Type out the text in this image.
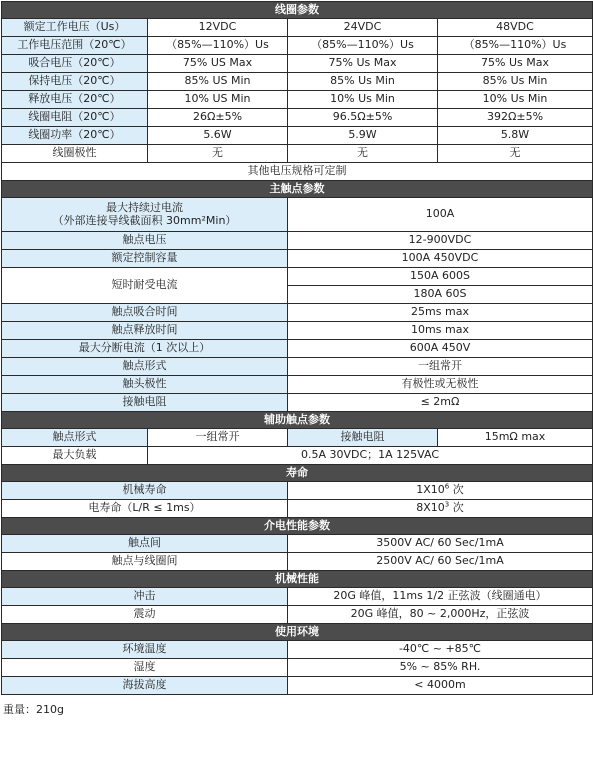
线圈参数			
额定工作电压（Us）	12VDC	24VDC	48VDC
工作电压范围（20℃）	（85%—110%）Us	（85%—110%）Us	（85%—110%）Us
吸合电压（20℃）	75% US Max	75% Us Max	75% Us Max
保持电压（20℃）	85% US Min	85% Us Min	85% Us Min
释放电压（20℃）	10% US Min	10% Us Min	10% Us Min
线圈电阻（20℃）	26Ω±5%	96.5Ω±5%	392Ω±5%
线圈功率（20℃）	5.6W	5.9W	5.8W
线圈极性	无	无	无
其他电压规格可定制			
主触点参数			

最大持续过电流
（外部连接导线截面积 30mm²Min）		100A	
触点电压		12-900VDC	
额定控制容量		100A 450VDC	
短时耐受电流		150A 600S	
		180A 60S	
触点吸合时间		25ms max	
触点释放时间		10ms max	
最大分断电流（1 次以上）		600A 450V	
触点形式		一组常开	
触头极性		有极性或无极性	
接触电阻		≤ 2mΩ	
辅助触点参数			
触点形式	一组常开	接触电阻	15mΩ max
最大负载	0.5A 30VDC；1A 125VAC		
寿命			
机械寿命		$1X10^6$ 次	
电寿命（L/R ≤ 1ms）		$8X10^3$ 次	
介电性能参数			
触点间		3500V AC/ 60 Sec/1mA	
触点与线圈间		2500V AC/ 60 Sec/1mA	
机械性能			
冲击		20G 峰值，11ms 1/2 正弦波（线圈通电）	
震动		20G 峰值，80 ~ 2,000Hz，正弦波	
使用环境			
环境温度		-40℃ ~ +85℃	
湿度		5% ~ 85% RH.	
海拔高度		< 4000m	
重量：210g
